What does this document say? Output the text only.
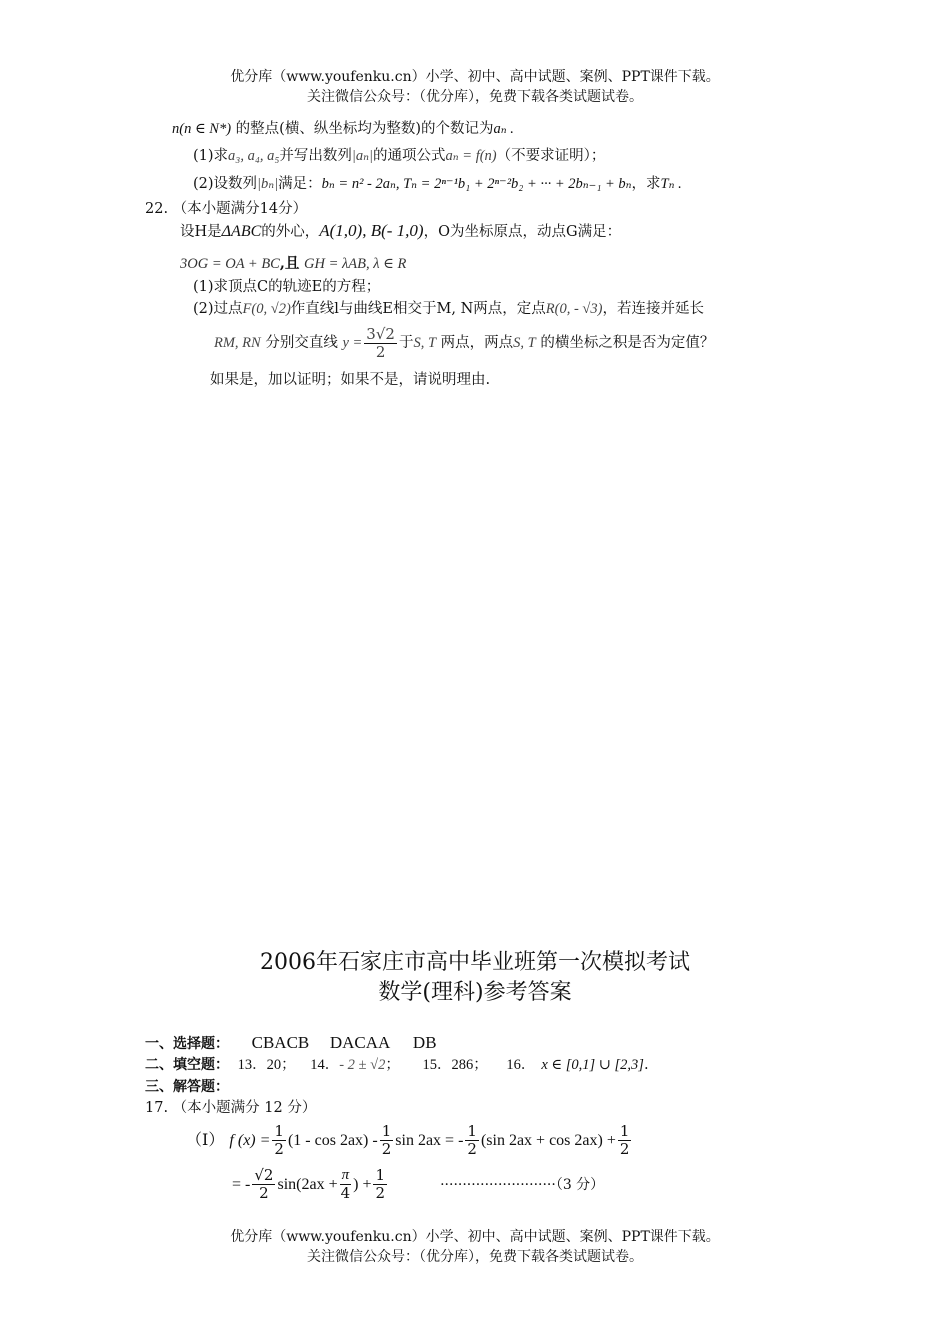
优分库（www.youfenku.cn）小学、初中、高中试题、案例、PPT课件下载。
关注微信公众号：（优分库），免费下载各类试题试卷。
n(n ∈ N*) 的整点(横、纵坐标均为整数)的个数记为aₙ .
(1)求a₃, a₄, a₅并写出数列|aₙ|的通项公式aₙ = f(n)（不要求证明）；
(2)设数列|bₙ|满足：bₙ = n² - 2aₙ, Tₙ = 2ⁿ⁻¹b₁ + 2ⁿ⁻²b₂ + ··· + 2bₙ₋₁ + bₙ，求Tₙ .
22. （本小题满分14分）
设H是ΔABC的外心，A(1,0), B(- 1,0)，O为坐标原点，动点G满足：
3OG = OA + BC,且 GH = λAB, λ ∈ R
(1)求顶点C的轨迹E的方程；
(2)过点F(0, √2)作直线l与曲线E相交于M, N两点，定点R(0, - √3)，若连接并延长
RM, RN 分别交直线 $y = \frac{3√2}{2}$ 于S, T 两点，两点S, T 的横坐标之积是否为定值？
如果是，加以证明；如果不是，请说明理由.
2006年石家庄市高中毕业班第一次模拟考试
数学(理科)参考答案
一、选择题： CBACB DACAA DB
二、填空题： 13．20； 14．- 2 ± √2； 15．286； 16． x ∈ [0,1] ∪ [2,3].
三、解答题：
17. （本小题满分 12 分）
（Ⅰ） f $(x) = \frac{1}{2} (1 - \cos 2ax) - \frac{1}{2}$ sin 2ax = - $\frac{1}{2} (\sin$ $2ax + \cos 2ax) + \frac{1}{2}$
= - $\frac{√2}{2} \sin(2ax + \frac{\pi}{4}$ ) + $\frac{1}{2}$	··························（3 分）
优分库（www.youfenku.cn）小学、初中、高中试题、案例、PPT课件下载。
关注微信公众号：（优分库），免费下载各类试题试卷。
